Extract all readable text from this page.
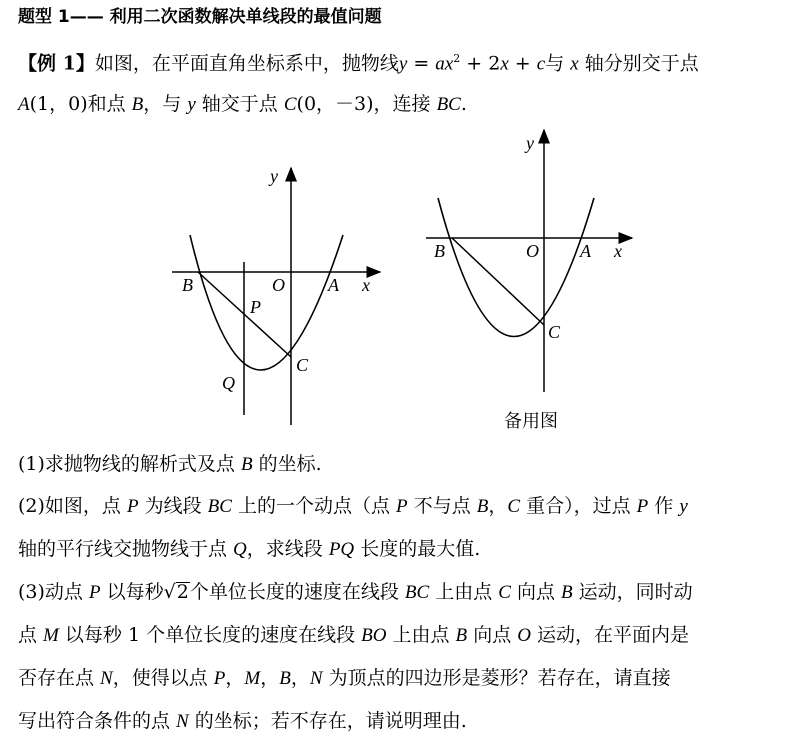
题型 1—— 利用二次函数解决单线段的最值问题
【例 1】如图，在平面直角坐标系中，抛物线$y = ax^2 + 2x + c$与 x 轴分别交于点
A(1，0)和点 B，与 y 轴交于点 C(0，－3)，连接 BC.
y
x
B	O A
P
C
Q
y
x
B	O A
C
备用图
(1)求抛物线的解析式及点 B 的坐标.
(2)如图，点 P 为线段 BC 上的一个动点（点 P 不与点 B，C 重合），过点 P 作 y
轴的平行线交抛物线于点 Q，求线段 PQ 长度的最大值.
(3)动点 P 以每秒√2个单位长度的速度在线段 BC 上由点 C 向点 B 运动，同时动
点 M 以每秒 1 个单位长度的速度在线段 BO 上由点 B 向点 O 运动，在平面内是
否存在点 N，使得以点 P，M，B，N 为顶点的四边形是菱形？若存在，请直接
写出符合条件的点 N 的坐标；若不存在，请说明理由.
